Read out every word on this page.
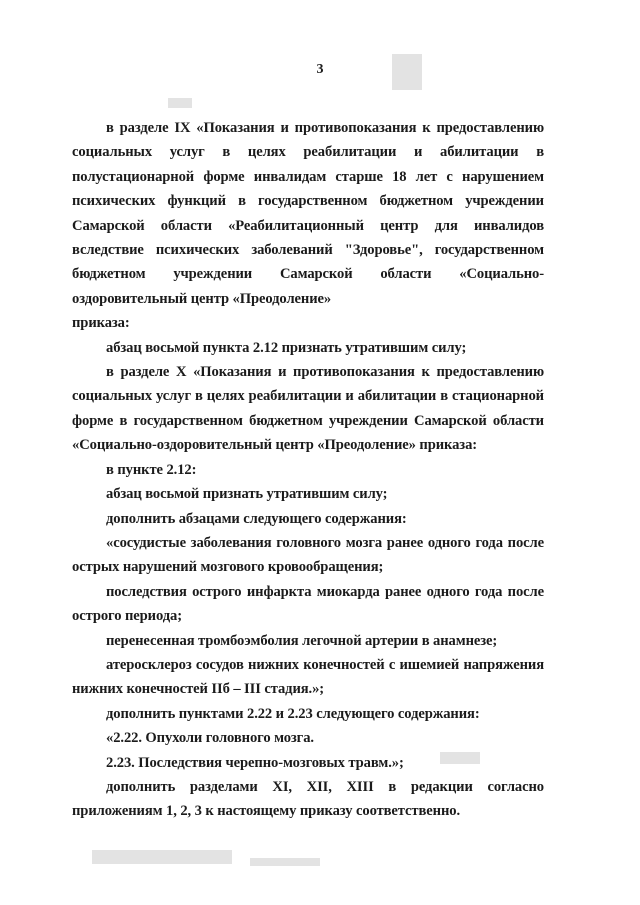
3

в разделе IX «Показания и противопоказания к предоставлению социальных услуг в целях реабилитации и абилитации в полустационарной форме инвалидам старше 18 лет с нарушением психических функций в государственном бюджетном учреждении Самарской области «Реабилитационный центр для инвалидов вследствие психических заболеваний "Здоровье", государственном бюджетном учреждении Самарской области «Социально-оздоровительный центр «Преодоление»

приказа:

абзац восьмой пункта 2.12 признать утратившим силу;

в разделе X «Показания и противопоказания к предоставлению социальных услуг в целях реабилитации и абилитации в стационарной форме в государственном бюджетном учреждении Самарской области «Социально-оздоровительный центр «Преодоление» приказа:

в пункте 2.12:

абзац восьмой признать утратившим силу;

дополнить абзацами следующего содержания:

«сосудистые заболевания головного мозга ранее одного года после острых нарушений мозгового кровообращения;

последствия острого инфаркта миокарда ранее одного года после острого периода;

перенесенная тромбоэмболия легочной артерии в анамнезе;

атеросклероз сосудов нижних конечностей с ишемией напряжения нижних конечностей IIб – III стадия.»;

дополнить пунктами 2.22 и 2.23 следующего содержания:

«2.22. Опухоли головного мозга.

2.23. Последствия черепно-мозговых травм.»;

дополнить разделами XI, XII, XIII в редакции согласно приложениям 1, 2, 3 к настоящему приказу соответственно.
